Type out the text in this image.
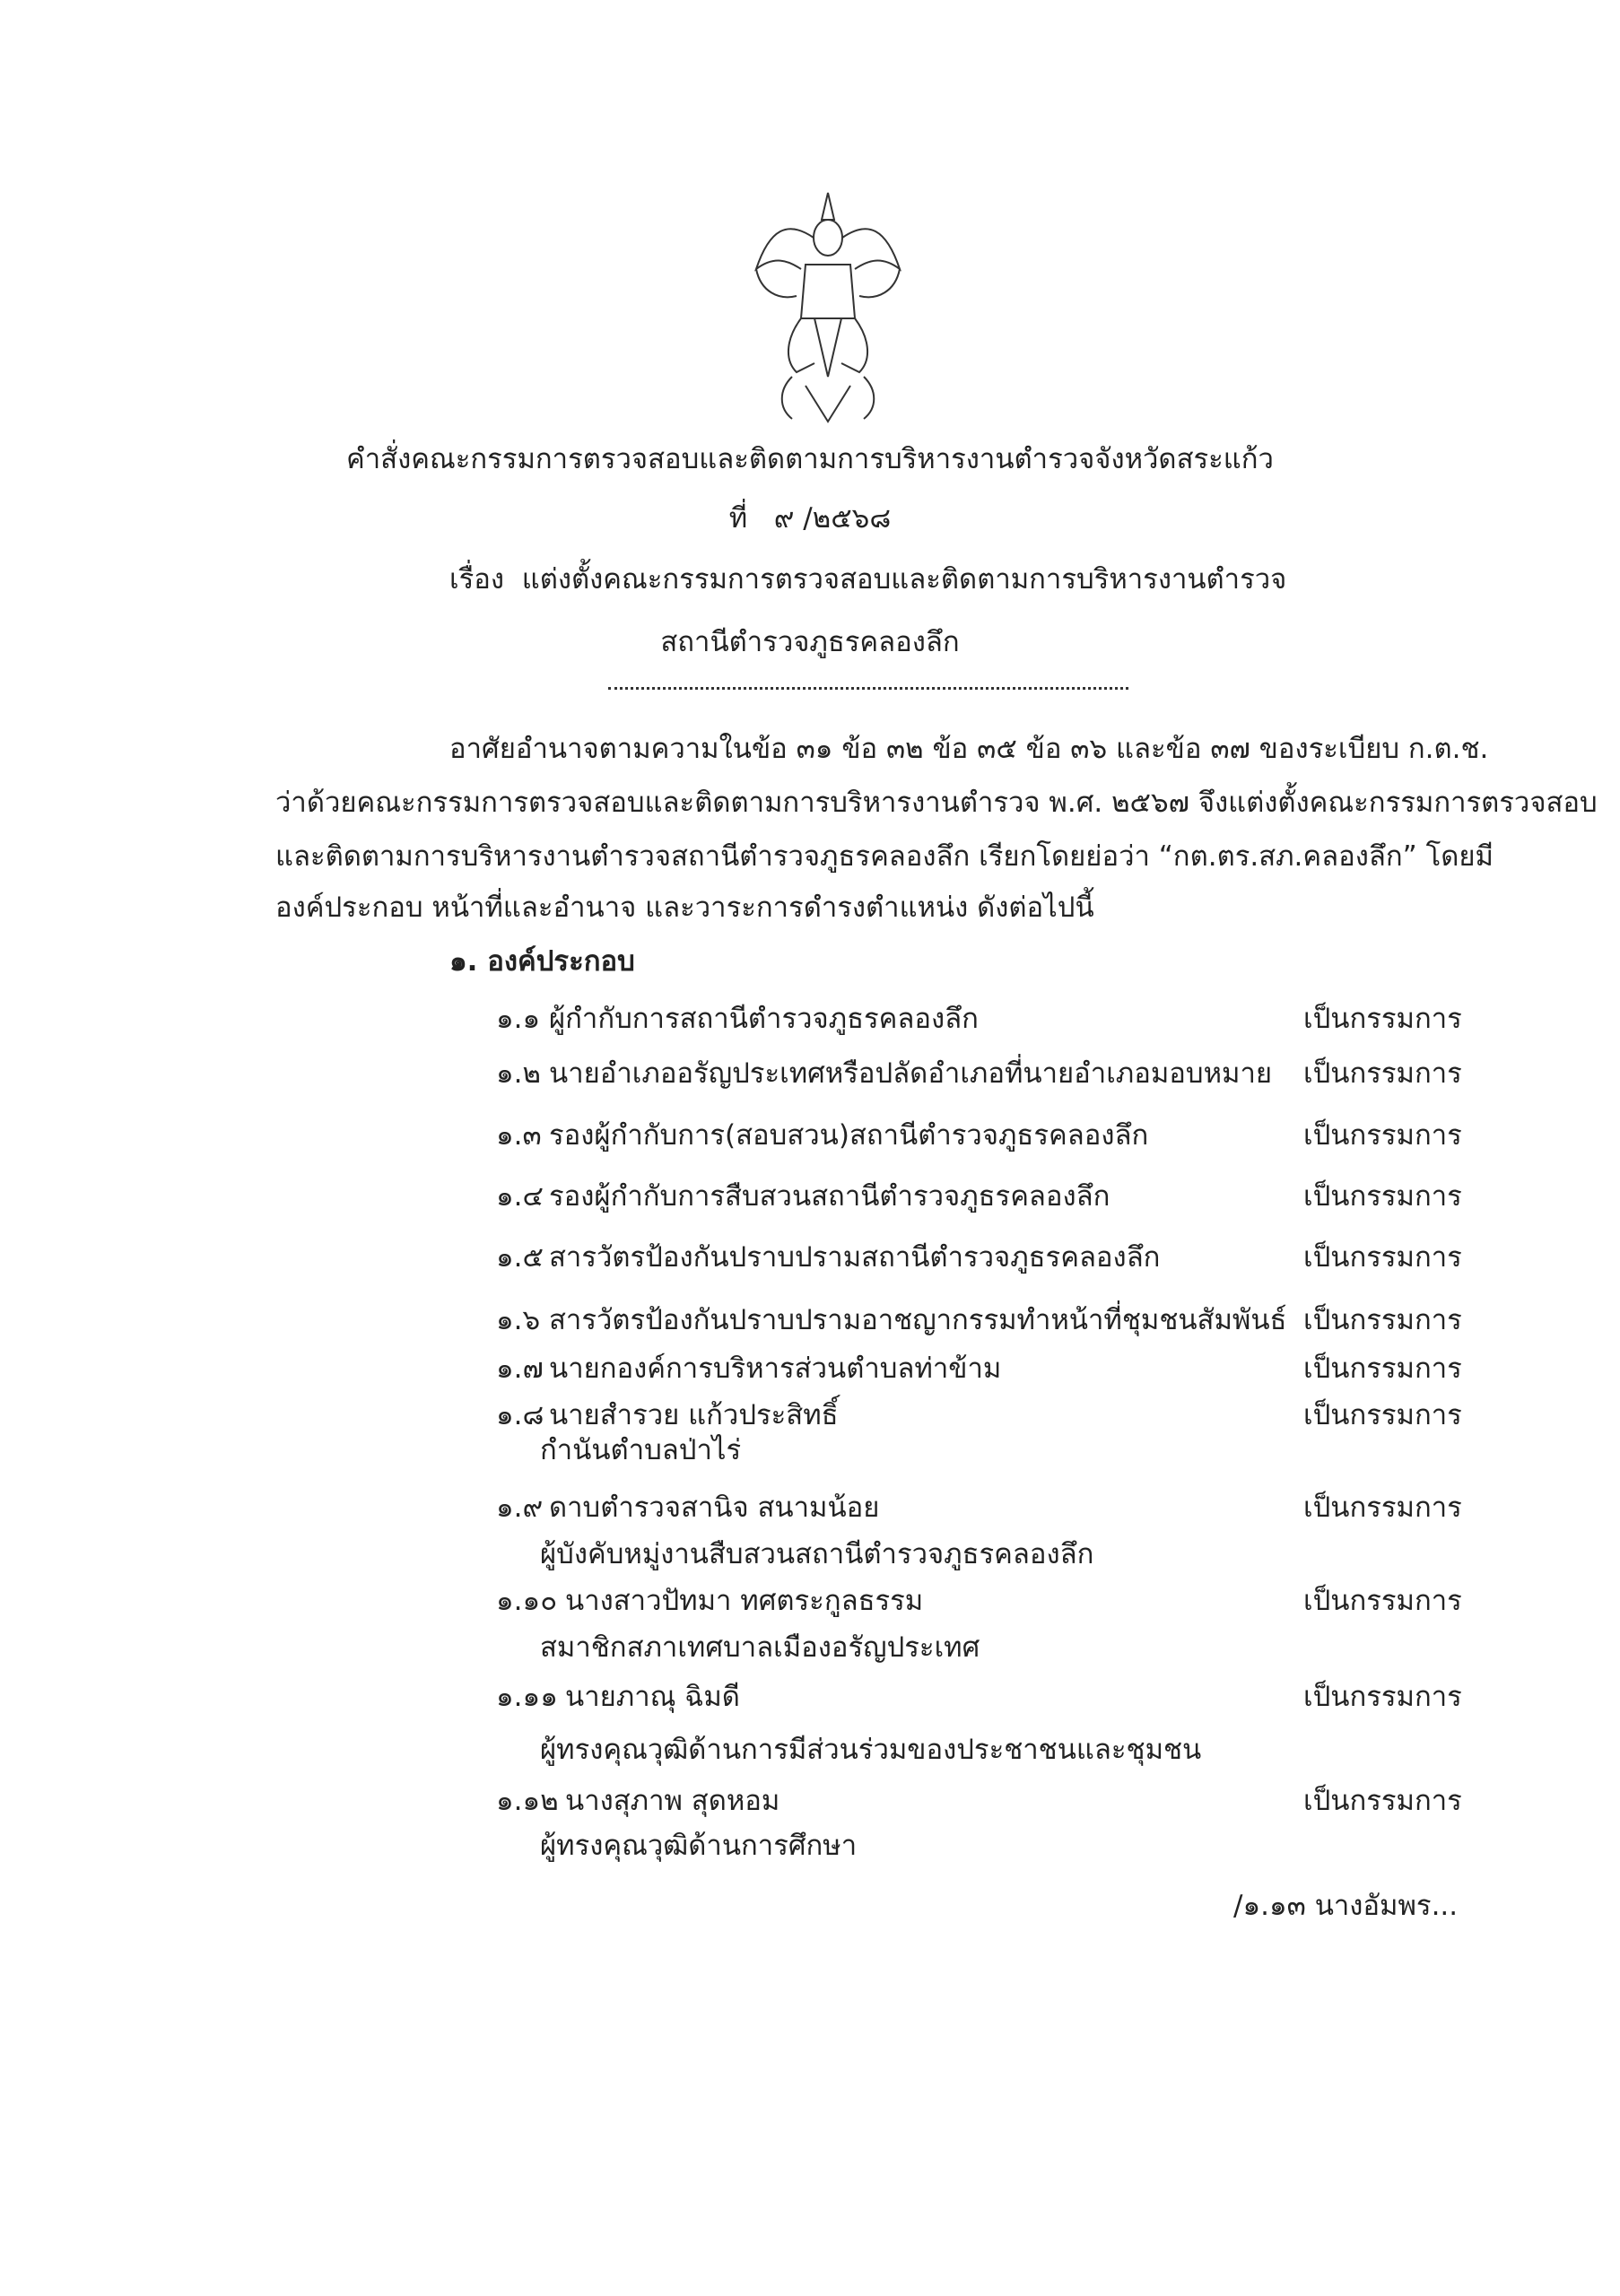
คำสั่งคณะกรรมการตรวจสอบและติดตามการบริหารงานตำรวจจังหวัดสระแก้ว
ที่ ๙ /๒๕๖๘
เรื่อง แต่งตั้งคณะกรรมการตรวจสอบและติดตามการบริหารงานตำรวจ
สถานีตำรวจภูธรคลองลึก
อาศัยอำนาจตามความในข้อ ๓๑ ข้อ ๓๒ ข้อ ๓๕ ข้อ ๓๖ และข้อ ๓๗ ของระเบียบ ก.ต.ช.
ว่าด้วยคณะกรรมการตรวจสอบและติดตามการบริหารงานตำรวจ พ.ศ. ๒๕๖๗ จึงแต่งตั้งคณะกรรมการตรวจสอบ
และติดตามการบริหารงานตำรวจสถานีตำรวจภูธรคลองลึก เรียกโดยย่อว่า “กต.ตร.สภ.คลองลึก” โดยมี
องค์ประกอบ หน้าที่และอำนาจ และวาระการดำรงตำแหน่ง ดังต่อไปนี้
๑. องค์ประกอบ
๑.๑ ผู้กำกับการสถานีตำรวจภูธรคลองลึก	เป็นกรรมการ
๑.๒ นายอำเภออรัญประเทศหรือปลัดอำเภอที่นายอำเภอมอบหมาย เป็นกรรมการ
๑.๓ รองผู้กำกับการ(สอบสวน)สถานีตำรวจภูธรคลองลึก	เป็นกรรมการ
๑.๔ รองผู้กำกับการสืบสวนสถานีตำรวจภูธรคลองลึก	เป็นกรรมการ
๑.๕ สารวัตรป้องกันปราบปรามสถานีตำรวจภูธรคลองลึก	เป็นกรรมการ
๑.๖ สารวัตรป้องกันปราบปรามอาชญากรรมทำหน้าที่ชุมชนสัมพันธ์ เป็นกรรมการ
๑.๗ นายกองค์การบริหารส่วนตำบลท่าข้าม	เป็นกรรมการ
๑.๘ นายสำรวย แก้วประสิทธิ์	เป็นกรรมการ
กำนันตำบลป่าไร่
๑.๙ ดาบตำรวจสานิจ สนามน้อย	เป็นกรรมการ
ผู้บังคับหมู่งานสืบสวนสถานีตำรวจภูธรคลองลึก
๑.๑๐ นางสาวปัทมา ทศตระกูลธรรม	เป็นกรรมการ
สมาชิกสภาเทศบาลเมืองอรัญประเทศ
๑.๑๑ นายภาณุ ฉิมดี	เป็นกรรมการ
ผู้ทรงคุณวุฒิด้านการมีส่วนร่วมของประชาชนและชุมชน
๑.๑๒ นางสุภาพ สุดหอม	เป็นกรรมการ
ผู้ทรงคุณวุฒิด้านการศึกษา
/๑.๑๓ นางอัมพร...
